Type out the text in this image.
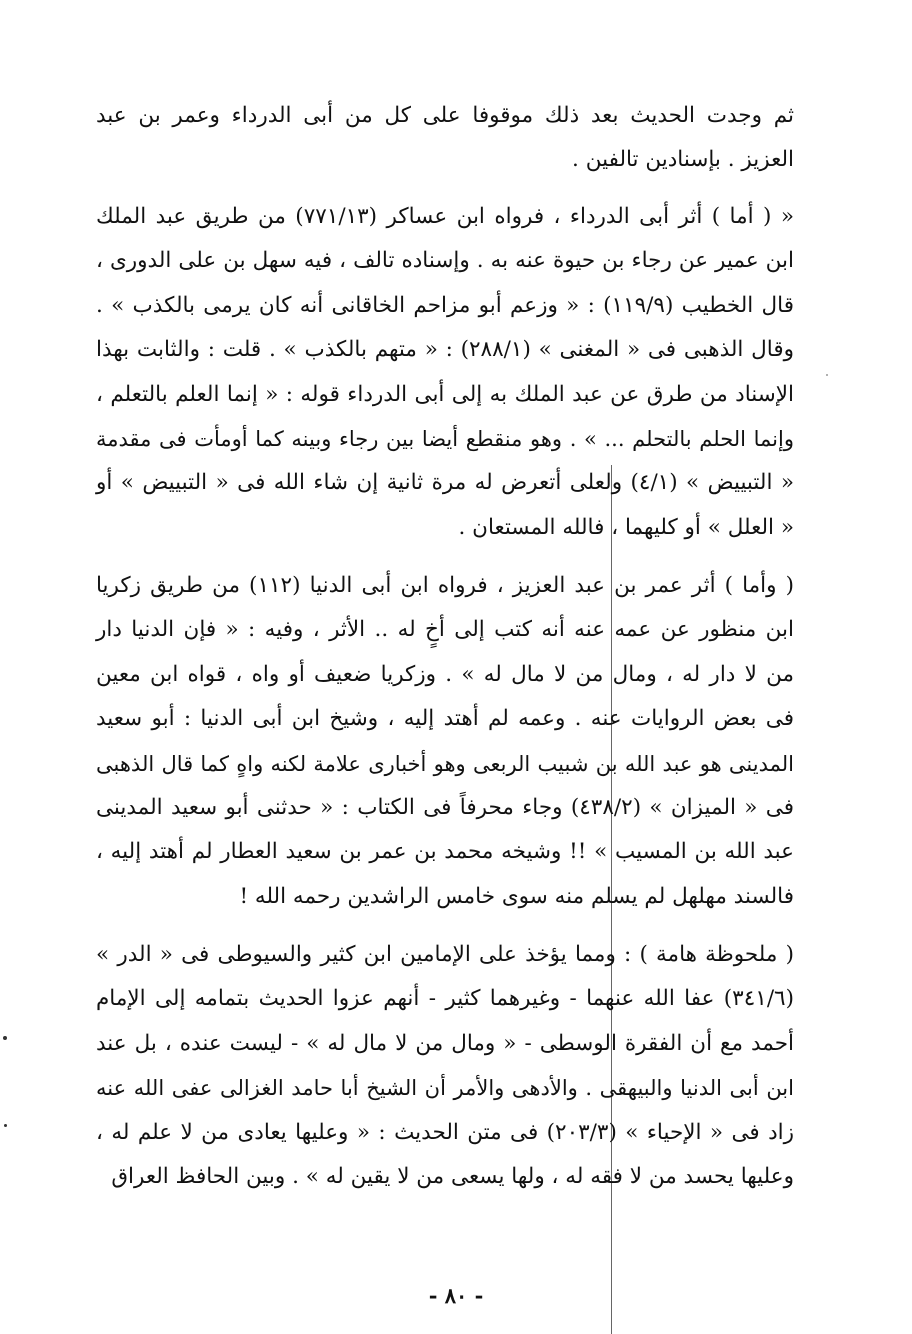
ثم وجدت الحديث بعد ذلك موقوفا على كل من أبى الدرداء وعمر بن عبد
العزيز . بإسنادين تالفين .
« ( أما ) أثر أبى الدرداء ، فرواه ابن عساكر (٧٧١/١٣) من طريق عبد الملك
ابن عمير عن رجاء بن حيوة عنه به . وإسناده تالف ، فيه سهل بن على الدورى ،
قال الخطيب (١١٩/٩) : « وزعم أبو مزاحم الخاقانى أنه كان يرمى بالكذب » .
وقال الذهبى فى « المغنى » (٢٨٨/١) : « متهم بالكذب » . قلت : والثابت بهذا
الإسناد من طرق عن عبد الملك به إلى أبى الدرداء قوله : « إنما العلم بالتعلم ،
وإنما الحلم بالتحلم ... » . وهو منقطع أيضا بين رجاء وبينه كما أومأت فى مقدمة
« التبييض » (٤/١) ولعلى أتعرض له مرة ثانية إن شاء الله فى « التبييض » أو
« العلل » أو كليهما ، فالله المستعان .
( وأما ) أثر عمر بن عبد العزيز ، فرواه ابن أبى الدنيا (١١٢) من طريق زكريا
ابن منظور عن عمه عنه أنه كتب إلى أخٍ له .. الأثر ، وفيه : « فإن الدنيا دار
من لا دار له ، ومال من لا مال له » . وزكريا ضعيف أو واه ، قواه ابن معين
فى بعض الروايات عنه . وعمه لم أهتد إليه ، وشيخ ابن أبى الدنيا : أبو سعيد
المدينى هو عبد الله بن شبيب الربعى وهو أخبارى علامة لكنه واهٍ كما قال الذهبى
فى « الميزان » (٤٣٨/٢) وجاء محرفاً فى الكتاب : « حدثنى أبو سعيد المدينى
عبد الله بن المسيب » !! وشيخه محمد بن عمر بن سعيد العطار لم أهتد إليه ،
فالسند مهلهل لم يسلم منه سوى خامس الراشدين رحمه الله !
( ملحوظة هامة ) : ومما يؤخذ على الإمامين ابن كثير والسيوطى فى « الدر »
(٣٤١/٦) عفا الله عنهما - وغيرهما كثير - أنهم عزوا الحديث بتمامه إلى الإمام
أحمد مع أن الفقرة الوسطى - « ومال من لا مال له » - ليست عنده ، بل عند
ابن أبى الدنيا والبيهقى . والأدهى والأمر أن الشيخ أبا حامد الغزالى عفى الله عنه
زاد فى « الإحياء » (٢٠٣/٣) فى متن الحديث : « وعليها يعادى من لا علم له ،
وعليها يحسد من لا فقه له ، ولها يسعى من لا يقين له » . وبين الحافظ العراق
- ٨٠ -
